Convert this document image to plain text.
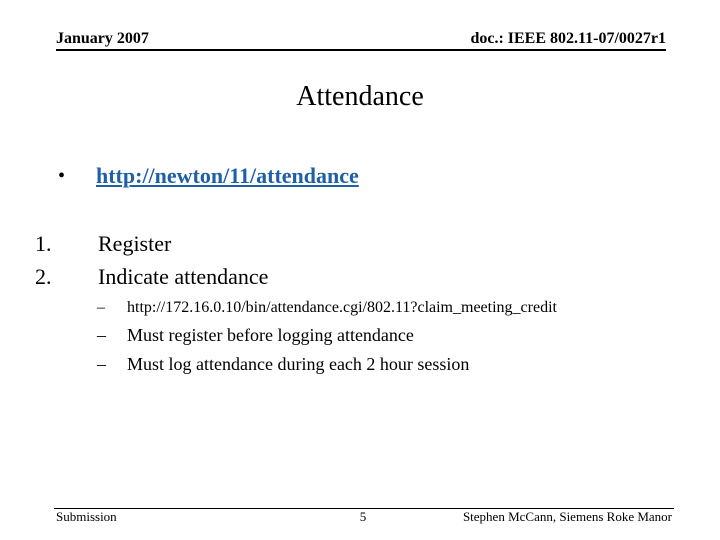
January 2007	doc.: IEEE 802.11-07/0027r1
Attendance
• http://newton/11/attendance
1. Register
2. Indicate attendance
– http://172.16.0.10/bin/attendance.cgi/802.11?claim_meeting_credit
– Must register before logging attendance
– Must log attendance during each 2 hour session
Submission	5	Stephen McCann, Siemens Roke Manor
